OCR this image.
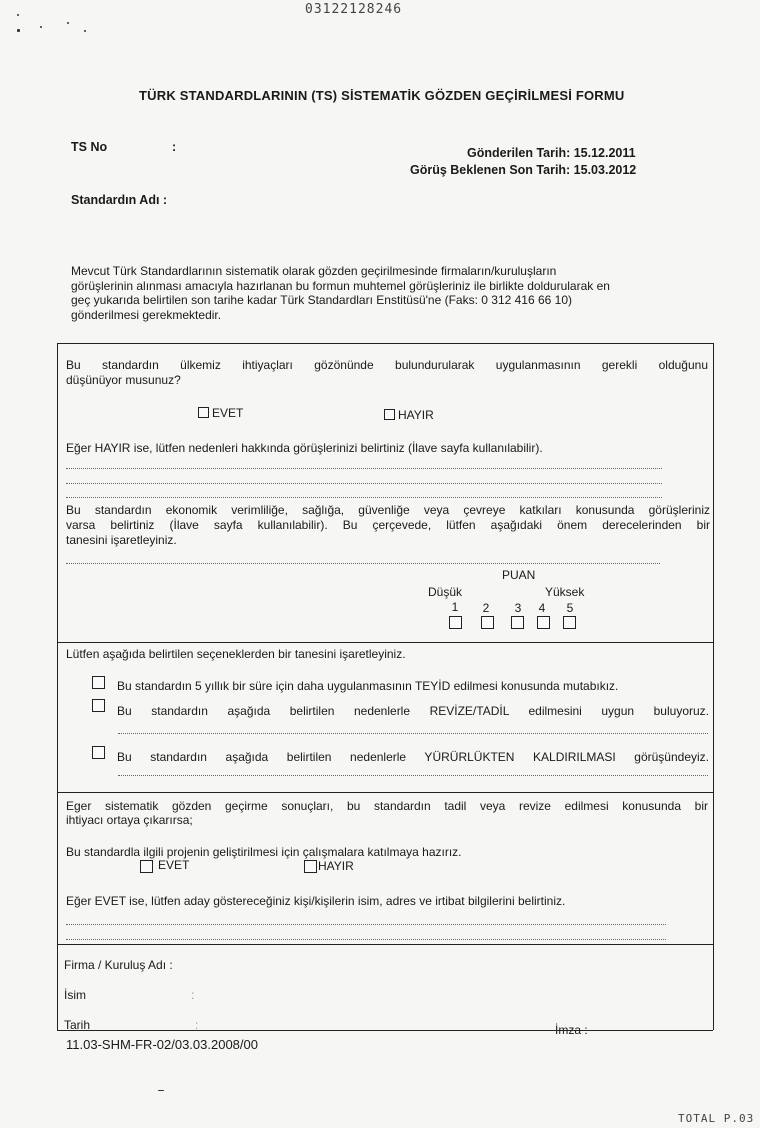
03122128246
TÜRK STANDARDLARININ (TS) SİSTEMATİK GÖZDEN GEÇİRİLMESİ FORMU
TS No	:	Gönderilen Tarih: 15.12.2011
Görüş Beklenen Son Tarih: 15.03.2012
Standardın Adı :
Mevcut Türk Standardlarının sistematik olarak gözden geçirilmesinde firmaların/kuruluşların
görüşlerinin alınması amacıyla hazırlanan bu formun muhtemel görüşleriniz ile birlikte doldurularak en
geç yukarıda belirtilen son tarihe kadar Türk Standardları Enstitüsü'ne (Faks: 0 312 416 66 10)
gönderilmesi gerekmektedir.
Bu standardın ülkemiz ihtiyaçları gözönünde bulundurularak uygulanmasının gerekli olduğunu
düşünüyor musunuz?
EVET	HAYIR
Eğer HAYIR ise, lütfen nedenleri hakkında görüşlerinizi belirtiniz (İlave sayfa kullanılabilir).
Bu standardın ekonomik verimliliğe, sağlığa, güvenliğe veya çevreye katkıları konusunda görüşleriniz
varsa belirtiniz (İlave sayfa kullanılabilir). Bu çerçevede, lütfen aşağıdaki önem derecelerinden bir
tanesini işaretleyiniz.
PUAN
Düşük	Yüksek
1	2	3	4	5
Lütfen aşağıda belirtilen seçeneklerden bir tanesini işaretleyiniz.
Bu standardın 5 yıllık bir süre için daha uygulanmasının TEYİD edilmesi konusunda mutabıkız.
Bu standardın aşağıda belirtilen nedenlerle REVİZE/TADİL edilmesini uygun buluyoruz.
Bu standardın aşağıda belirtilen nedenlerle YÜRÜRLÜKTEN KALDIRILMASI görüşündeyiz.
Eger sistematik gözden geçirme sonuçları, bu standardın tadil veya revize edilmesi konusunda bir
ihtiyacı ortaya çıkarırsa;
Bu standardla ilgili projenin geliştirilmesi için çalışmalara katılmaya hazırız.
EVET	HAYIR
Eğer EVET ise, lütfen aday göstereceğiniz kişi/kişilerin isim, adres ve irtibat bilgilerini belirtiniz.
Firma / Kuruluş Adı :
İsim	:
Tarih	:	İmza :
11.03-SHM-FR-02/03.03.2008/00
TOTAL P.03
